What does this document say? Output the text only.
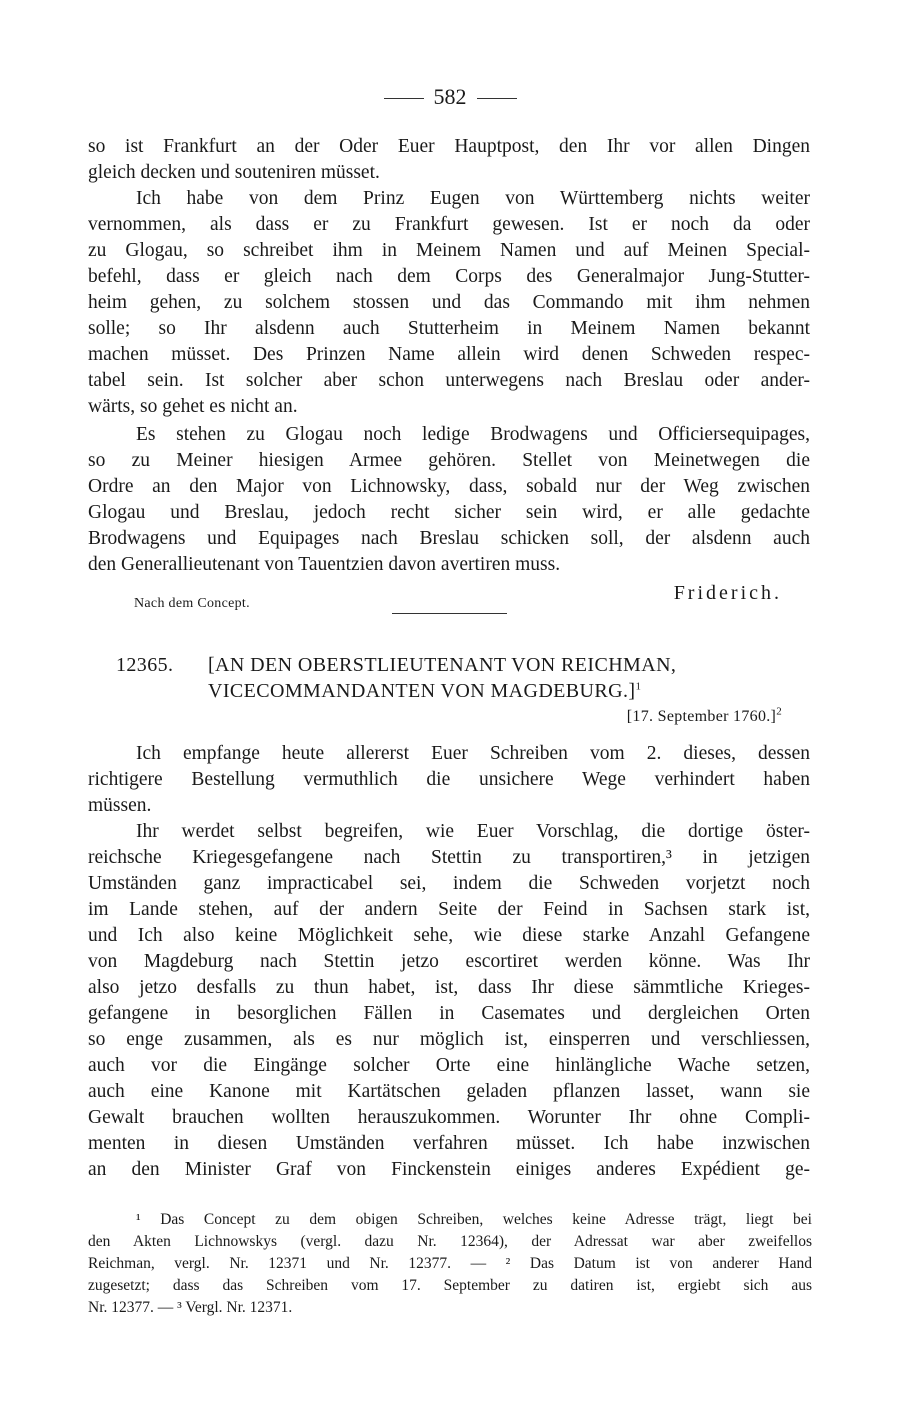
582
so ist Frankfurt an der Oder Euer Hauptpost, den Ihr vor allen Dingen
gleich decken und souteniren müsset.
Ich habe von dem Prinz Eugen von Württemberg nichts weiter
vernommen, als dass er zu Frankfurt gewesen. Ist er noch da oder
zu Glogau, so schreibet ihm in Meinem Namen und auf Meinen Special-
befehl, dass er gleich nach dem Corps des Generalmajor Jung-Stutter-
heim gehen, zu solchem stossen und das Commando mit ihm nehmen
solle; so Ihr alsdenn auch Stutterheim in Meinem Namen bekannt
machen müsset. Des Prinzen Name allein wird denen Schweden respec-
tabel sein. Ist solcher aber schon unterwegens nach Breslau oder ander-
wärts, so gehet es nicht an.
Es stehen zu Glogau noch ledige Brodwagens und Officiersequipages,
so zu Meiner hiesigen Armee gehören. Stellet von Meinetwegen die
Ordre an den Major von Lichnowsky, dass, sobald nur der Weg zwischen
Glogau und Breslau, jedoch recht sicher sein wird, er alle gedachte
Brodwagens und Equipages nach Breslau schicken soll, der alsdenn auch
den Generallieutenant von Tauentzien davon avertiren muss.
Nach dem Concept.	Friderich.
12365. [AN DEN OBERSTLIEUTENANT VON REICHMAN,
VICECOMMANDANTEN VON MAGDEBURG.]$^1$
[17. September 1760.]$^2$
Ich empfange heute allererst Euer Schreiben vom 2. dieses, dessen
richtigere Bestellung vermuthlich die unsichere Wege verhindert haben
müssen.
Ihr werdet selbst begreifen, wie Euer Vorschlag, die dortige öster-
reichsche Kriegesgefangene nach Stettin zu transportiren,³ in jetzigen
Umständen ganz impracticabel sei, indem die Schweden vorjetzt noch
im Lande stehen, auf der andern Seite der Feind in Sachsen stark ist,
und Ich also keine Möglichkeit sehe, wie diese starke Anzahl Gefangene
von Magdeburg nach Stettin jetzo escortiret werden könne. Was Ihr
also jetzo desfalls zu thun habet, ist, dass Ihr diese sämmtliche Krieges-
gefangene in besorglichen Fällen in Casemates und dergleichen Orten
so enge zusammen, als es nur möglich ist, einsperren und verschliessen,
auch vor die Eingänge solcher Orte eine hinlängliche Wache setzen,
auch eine Kanone mit Kartätschen geladen pflanzen lasset, wann sie
Gewalt brauchen wollten herauszukommen. Worunter Ihr ohne Compli-
menten in diesen Umständen verfahren müsset. Ich habe inzwischen
an den Minister Graf von Finckenstein einiges anderes Expédient ge-
¹ Das Concept zu dem obigen Schreiben, welches keine Adresse trägt, liegt bei
den Akten Lichnowskys (vergl. dazu Nr. 12364), der Adressat war aber zweifellos
Reichman, vergl. Nr. 12371 und Nr. 12377. — ² Das Datum ist von anderer Hand
zugesetzt; dass das Schreiben vom 17. September zu datiren ist, ergiebt sich aus
Nr. 12377. — ³ Vergl. Nr. 12371.
